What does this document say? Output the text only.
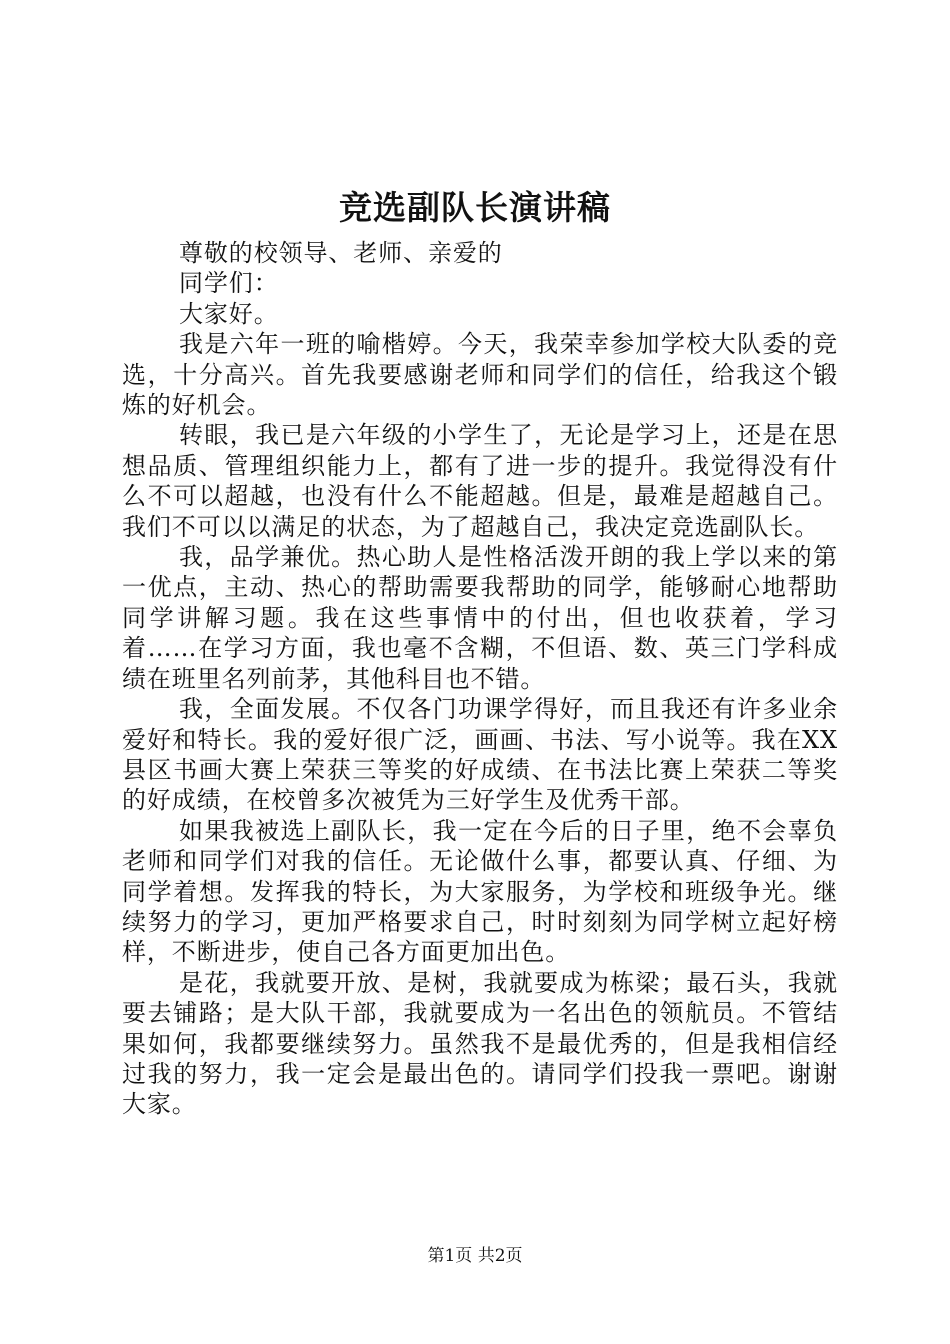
竞选副队长演讲稿

尊敬的校领导、老师、亲爱的

同学们：

大家好。

我是六年一班的喻楷婷。今天，我荣幸参加学校大队委的竞选，十分高兴。首先我要感谢老师和同学们的信任，给我这个锻炼的好机会。

转眼，我已是六年级的小学生了，无论是学习上，还是在思想品质、管理组织能力上，都有了进一步的提升。我觉得没有什么不可以超越，也没有什么不能超越。但是，最难是超越自己。我们不可以以满足的状态，为了超越自己，我决定竞选副队长。

我，品学兼优。热心助人是性格活泼开朗的我上学以来的第一优点，主动、热心的帮助需要我帮助的同学，能够耐心地帮助同学讲解习题。我在这些事情中的付出，但也收获着，学习着……在学习方面，我也毫不含糊，不但语、数、英三门学科成绩在班里名列前茅，其他科目也不错。

我，全面发展。不仅各门功课学得好，而且我还有许多业余爱好和特长。我的爱好很广泛，画画、书法、写小说等。我在XX县区书画大赛上荣获三等奖的好成绩、在书法比赛上荣获二等奖的好成绩，在校曾多次被凭为三好学生及优秀干部。

如果我被选上副队长，我一定在今后的日子里，绝不会辜负老师和同学们对我的信任。无论做什么事，都要认真、仔细、为同学着想。发挥我的特长，为大家服务，为学校和班级争光。继续努力的学习，更加严格要求自己，时时刻刻为同学树立起好榜样，不断进步，使自己各方面更加出色。

是花，我就要开放、是树，我就要成为栋梁；最石头，我就要去铺路；是大队干部，我就要成为一名出色的领航员。不管结果如何，我都要继续努力。虽然我不是最优秀的，但是我相信经过我的努力，我一定会是最出色的。请同学们投我一票吧。谢谢大家。

第1页 共2页
